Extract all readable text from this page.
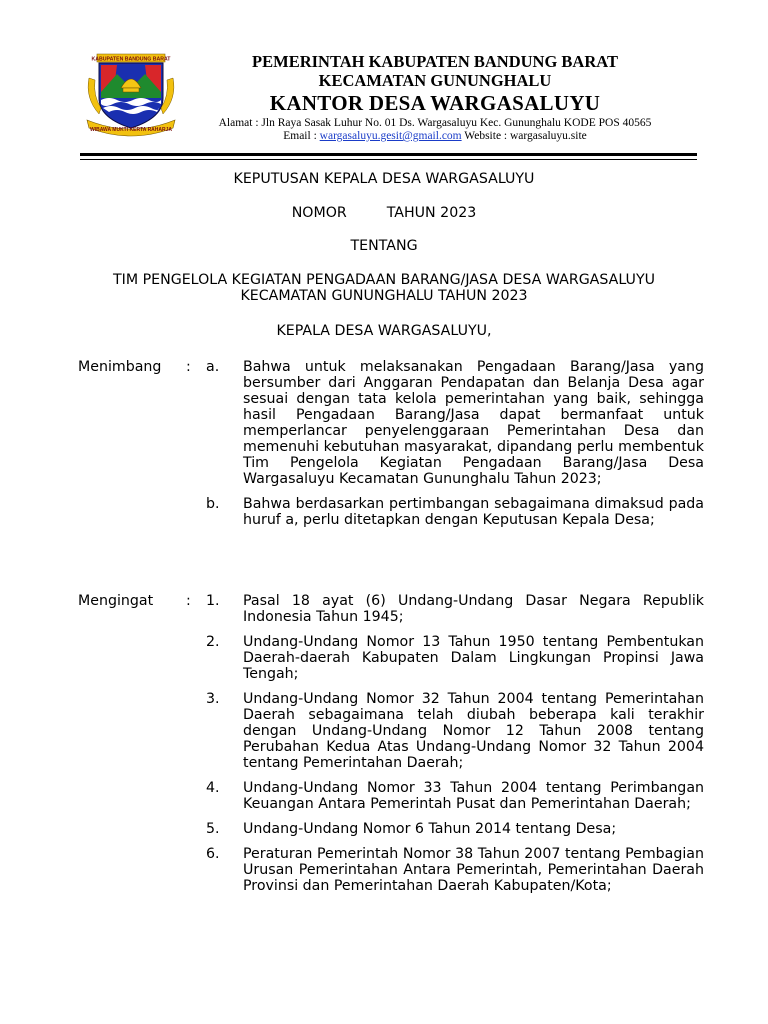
KABUPATEN BANDUNG BARAT
WIBAWA MUKTI KERTA RAHARJA
PEMERINTAH KABUPATEN BANDUNG BARAT
KECAMATAN GUNUNGHALU
KANTOR DESA WARGASALUYU
Alamat : Jln Raya Sasak Luhur No. 01 Ds. Wargasaluyu Kec. Gununghalu KODE POS 40565
Email : wargasaluyu.gesit@gmail.com Website : wargasaluyu.site
KEPUTUSAN KEPALA DESA WARGASALUYU
NOMOR	TAHUN 2023
TENTANG
TIM PENGELOLA KEGIATAN PENGADAAN BARANG/JASA DESA WARGASALUYU
KECAMATAN GUNUNGHALU TAHUN 2023
KEPALA DESA WARGASALUYU,
Menimbang : a.	Bahwa untuk melaksanakan Pengadaan Barang/Jasa yang bersumber dari Anggaran Pendapatan dan Belanja Desa agar sesuai dengan tata kelola pemerintahan yang baik, sehingga hasil Pengadaan Barang/Jasa dapat bermanfaat untuk memperlancar penyelenggaraan Pemerintahan Desa dan memenuhi kebutuhan masyarakat, dipandang perlu membentuk Tim Pengelola Kegiatan Pengadaan Barang/Jasa Desa Wargasaluyu Kecamatan Gununghalu Tahun 2023;
b.	Bahwa berdasarkan pertimbangan sebagaimana dimaksud pada huruf a, perlu ditetapkan dengan Keputusan Kepala Desa;
Mengingat : 1.	Pasal 18 ayat (6) Undang-Undang Dasar Negara Republik Indonesia Tahun 1945;
2.	Undang-Undang Nomor 13 Tahun 1950 tentang Pembentukan Daerah-daerah Kabupaten Dalam Lingkungan Propinsi Jawa Tengah;
3.	Undang-Undang Nomor 32 Tahun 2004 tentang Pemerintahan Daerah sebagaimana telah diubah beberapa kali terakhir dengan Undang-Undang Nomor 12 Tahun 2008 tentang Perubahan Kedua Atas Undang-Undang Nomor 32 Tahun 2004 tentang Pemerintahan Daerah;
4.	Undang-Undang Nomor 33 Tahun 2004 tentang Perimbangan Keuangan Antara Pemerintah Pusat dan Pemerintahan Daerah;
5.	Undang-Undang Nomor 6 Tahun 2014 tentang Desa;
6.	Peraturan Pemerintah Nomor 38 Tahun 2007 tentang Pembagian Urusan Pemerintahan Antara Pemerintah, Pemerintahan Daerah Provinsi dan Pemerintahan Daerah Kabupaten/Kota;
